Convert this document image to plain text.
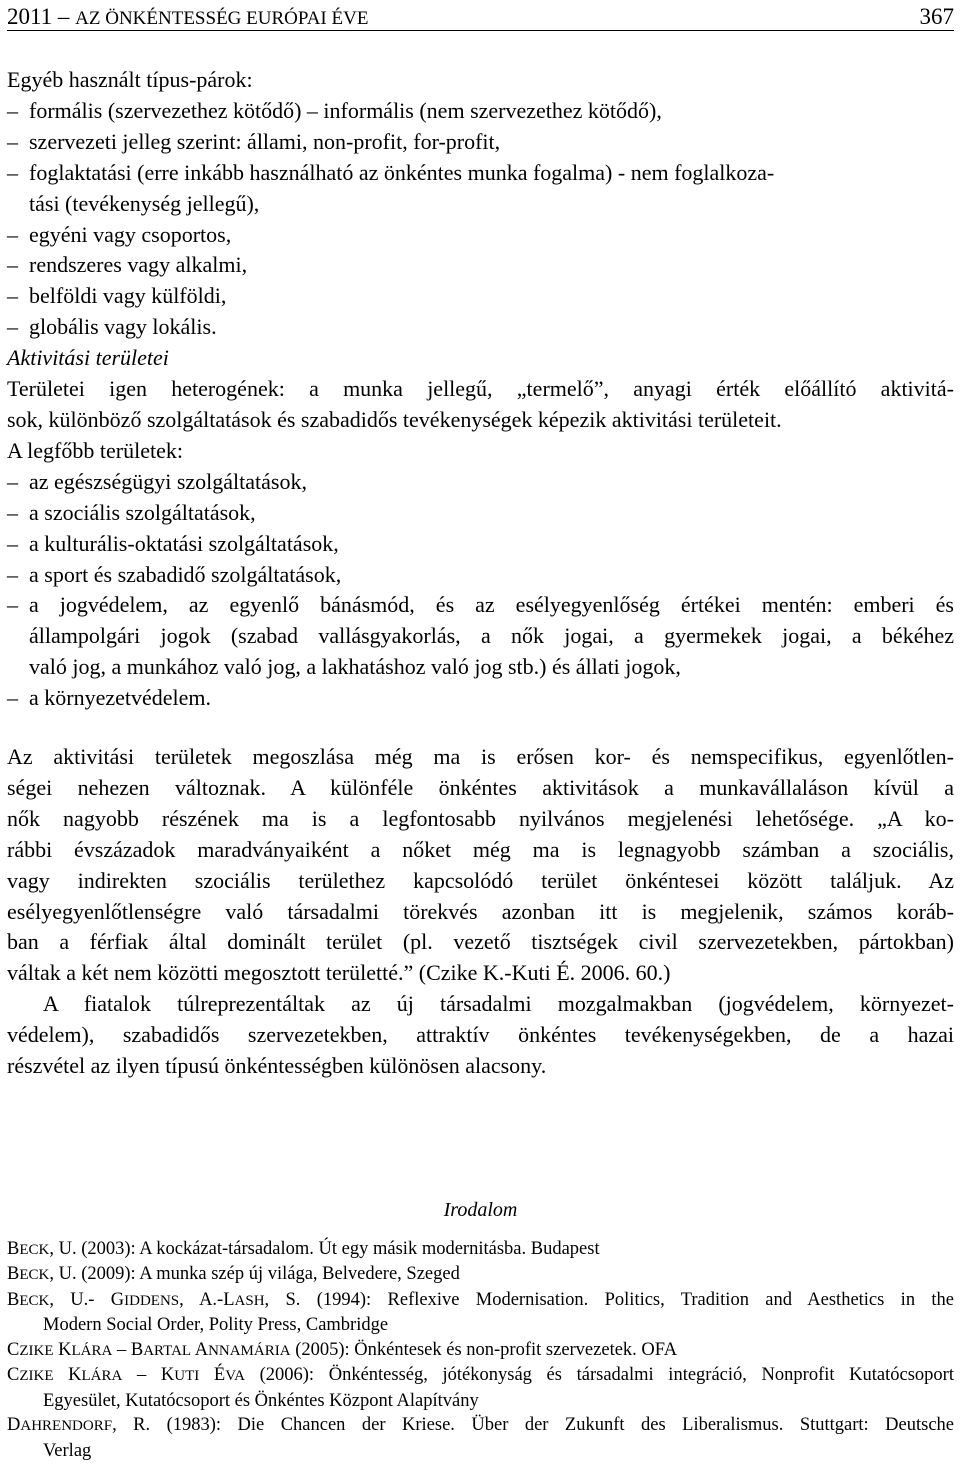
2011 – AZ ÖNKÉNTESSÉG EURÓPAI ÉVE	367
Egyéb használt típus-párok:
– formális (szervezethez kötődő) – informális (nem szervezethez kötődő),
– szervezeti jelleg szerint: állami, non-profit, for-profit,
– foglaktatási (erre inkább használható az önkéntes munka fogalma) - nem foglalkoza-
tási (tevékenység jellegű),
– egyéni vagy csoportos,
– rendszeres vagy alkalmi,
– belföldi vagy külföldi,
– globális vagy lokális.
Aktivitási területei
Területei igen heterogének: a munka jellegű, „termelő”, anyagi érték előállító aktivitá-
sok, különböző szolgáltatások és szabadidős tevékenységek képezik aktivitási területeit.
A legfőbb területek:
– az egészségügyi szolgáltatások,
– a szociális szolgáltatások,
– a kulturális-oktatási szolgáltatások,
– a sport és szabadidő szolgáltatások,
– a jogvédelem, az egyenlő bánásmód, és az esélyegyenlőség értékei mentén: emberi és
állampolgári jogok (szabad vallásgyakorlás, a nők jogai, a gyermekek jogai, a békéhez
való jog, a munkához való jog, a lakhatáshoz való jog stb.) és állati jogok,
– a környezetvédelem.
Az aktivitási területek megoszlása még ma is erősen kor- és nemspecifikus, egyenlőtlen-
ségei nehezen változnak. A különféle önkéntes aktivitások a munkavállaláson kívül a
nők nagyobb részének ma is a legfontosabb nyilvános megjelenési lehetősége. „A ko-
rábbi évszázadok maradványaiként a nőket még ma is legnagyobb számban a szociális,
vagy indirekten szociális területhez kapcsolódó terület önkéntesei között találjuk. Az
esélyegyenlőtlenségre való társadalmi törekvés azonban itt is megjelenik, számos koráb-
ban a férfiak által dominált terület (pl. vezető tisztségek civil szervezetekben, pártokban)
váltak a két nem közötti megosztott területté.” (Czike K.-Kuti É. 2006. 60.)
A fiatalok túlreprezentáltak az új társadalmi mozgalmakban (jogvédelem, környezet-
védelem), szabadidős szervezetekben, attraktív önkéntes tevékenységekben, de a hazai
részvétel az ilyen típusú önkéntességben különösen alacsony.
Irodalom
BECK, U. (2003): A kockázat-társadalom. Út egy másik modernitásba. Budapest
BECK, U. (2009): A munka szép új világa, Belvedere, Szeged
BECK, U.- GIDDENS, A.-LASH, S. (1994): Reflexive Modernisation. Politics, Tradition and Aesthetics in the
Modern Social Order, Polity Press, Cambridge
CZIKE KLÁRA – BARTAL ANNAMÁRIA (2005): Önkéntesek és non-profit szervezetek. OFA
CZIKE KLÁRA – KUTI ÉVA (2006): Önkéntesség, jótékonyság és társadalmi integráció, Nonprofit Kutatócsoport
Egyesület, Kutatócsoport és Önkéntes Központ Alapítvány
DAHRENDORF, R. (1983): Die Chancen der Kriese. Über der Zukunft des Liberalismus. Stuttgart: Deutsche
Verlag
